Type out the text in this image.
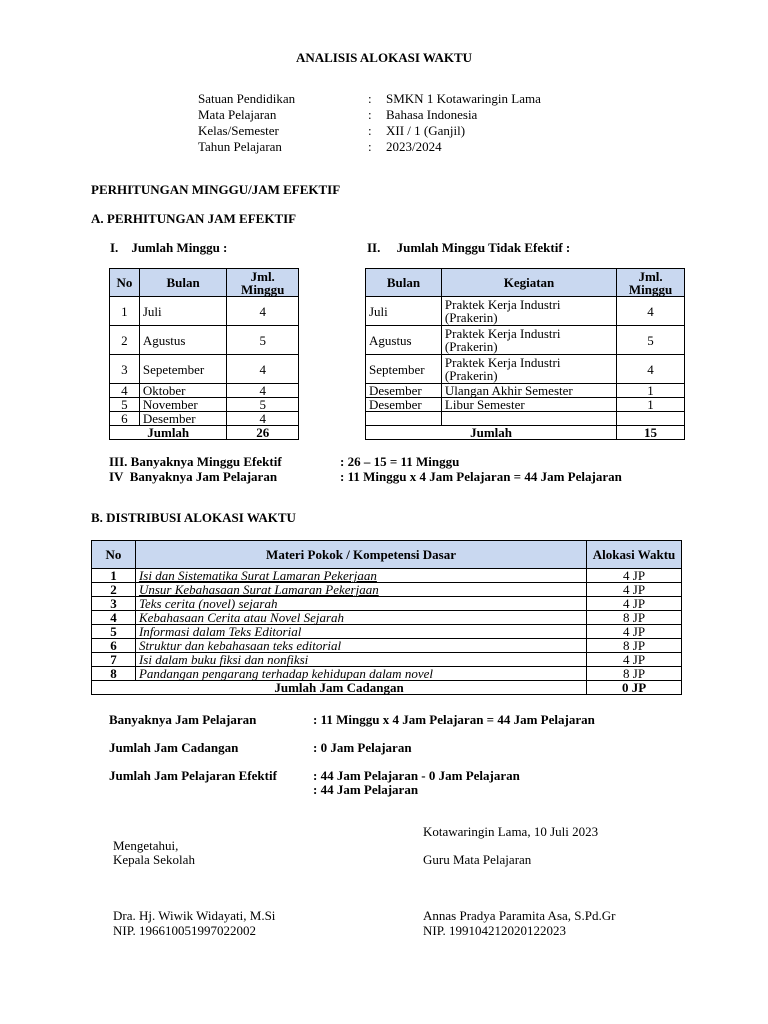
ANALISIS ALOKASI WAKTU
Satuan Pendidikan	:	SMKN 1 Kotawaringin Lama
Mata Pelajaran	:	Bahasa Indonesia
Kelas/Semester	:	XII / 1 (Ganjil)
Tahun Pelajaran	:	2023/2024
PERHITUNGAN MINGGU/JAM EFEKTIF
A. PERHITUNGAN JAM EFEKTIF
I. Jumlah Minggu :	II. Jumlah Minggu Tidak Efektif :
No	Bulan	Jml. Minggu
1	Juli	4
2	Agustus	5
3	Sepetember	4
4	Oktober	4
5	November	5
6	Desember	4
Jumlah		26
Bulan	Kegiatan	Jml. Minggu
Juli	Praktek Kerja Industri (Prakerin)	4
Agustus	Praktek Kerja Industri (Prakerin)	5
September	Praktek Kerja Industri (Prakerin)	4
Desember	Ulangan Akhir Semester	1
Desember	Libur Semester	1

Jumlah		15
III. Banyaknya Minggu Efektif	: 26 – 15 = 11 Minggu
IV  Banyaknya Jam Pelajaran	: 11 Minggu x 4 Jam Pelajaran = 44 Jam Pelajaran
B. DISTRIBUSI ALOKASI WAKTU
No	Materi Pokok / Kompetensi Dasar	Alokasi Waktu
1	Isi dan Sistematika Surat Lamaran Pekerjaan	4 JP
2	Unsur Kebahasaan Surat Lamaran Pekerjaan	4 JP
3	Teks cerita (novel) sejarah	4 JP
4	Kebahasaan Cerita atau Novel Sejarah	8 JP
5	Informasi dalam Teks Editorial	4 JP
6	Struktur dan kebahasaan teks editorial	8 JP
7	Isi dalam buku fiksi dan nonfiksi	4 JP
8	Pandangan pengarang terhadap kehidupan dalam novel	8 JP
Jumlah Jam Cadangan		0 JP
Banyaknya Jam Pelajaran	: 11 Minggu x 4 Jam Pelajaran = 44 Jam Pelajaran
Jumlah Jam Cadangan	: 0 Jam Pelajaran
Jumlah Jam Pelajaran Efektif	: 44 Jam Pelajaran - 0 Jam Pelajaran
: 44 Jam Pelajaran
Kotawaringin Lama, 10 Juli 2023
Mengetahui,
Kepala Sekolah	Guru Mata Pelajaran
Dra. Hj. Wiwik Widayati, M.Si
NIP. 196610051997022002
Annas Pradya Paramita Asa, S.Pd.Gr
NIP. 199104212020122023
